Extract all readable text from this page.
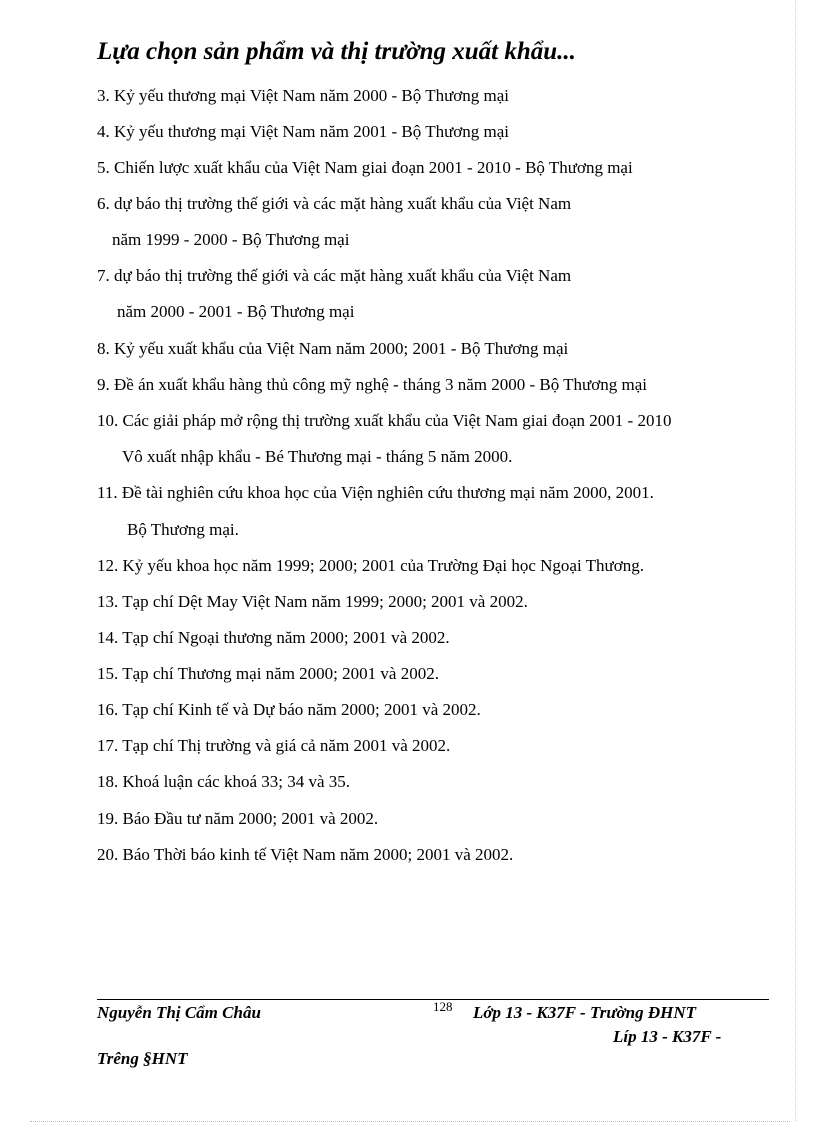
Lựa chọn sản phẩm và thị trường xuất khẩu...
3. Kỷ yếu thương mại Việt Nam năm 2000 - Bộ Thương mại
4. Kỷ yếu thương mại Việt Nam năm 2001 - Bộ Thương mại
5. Chiến lược xuất khẩu của Việt Nam giai đoạn 2001 - 2010 - Bộ Thương mại
6. dự báo thị trường thế giới và các mặt hàng xuất khẩu của Việt Nam
năm 1999 - 2000 - Bộ Thương mại
7. dự báo thị trường thế giới và các mặt hàng xuất khẩu của Việt Nam
năm 2000 - 2001 - Bộ Thương mại
8. Kỷ yếu xuất khẩu của Việt Nam năm 2000; 2001 - Bộ Thương mại
9. Đề án xuất khẩu hàng thủ công mỹ nghệ - tháng 3 năm 2000 - Bộ Thương mại
10. Các giải pháp mở rộng thị trường xuất khẩu của Việt Nam giai đoạn 2001 - 2010
Vô xuất nhập khẩu - Bé Thương mại - tháng 5 năm 2000.
11. Đề tài nghiên cứu khoa học của Viện nghiên cứu thương mại năm 2000, 2001.
Bộ Thương mại.
12. Kỷ yếu khoa học năm 1999; 2000; 2001 của Trường Đại học Ngoại Thương.
13. Tạp chí Dệt May Việt Nam năm 1999; 2000; 2001 và 2002.
14. Tạp chí Ngoại thương năm 2000; 2001 và 2002.
15. Tạp chí Thương mại năm 2000; 2001 và 2002.
16. Tạp chí Kinh tế và Dự báo năm 2000; 2001 và 2002.
17. Tạp chí Thị trường và giá cả năm 2001 và 2002.
18. Khoá luận các khoá 33; 34 và 35.
19. Báo Đầu tư năm 2000; 2001 và 2002.
20. Báo Thời báo kinh tế Việt Nam năm 2000; 2001 và 2002.
128
Nguyễn Thị Cẩm Châu	Lớp 13 - K37F - Trường ĐHNT
Líp 13 - K37F -
Trêng §HNT
